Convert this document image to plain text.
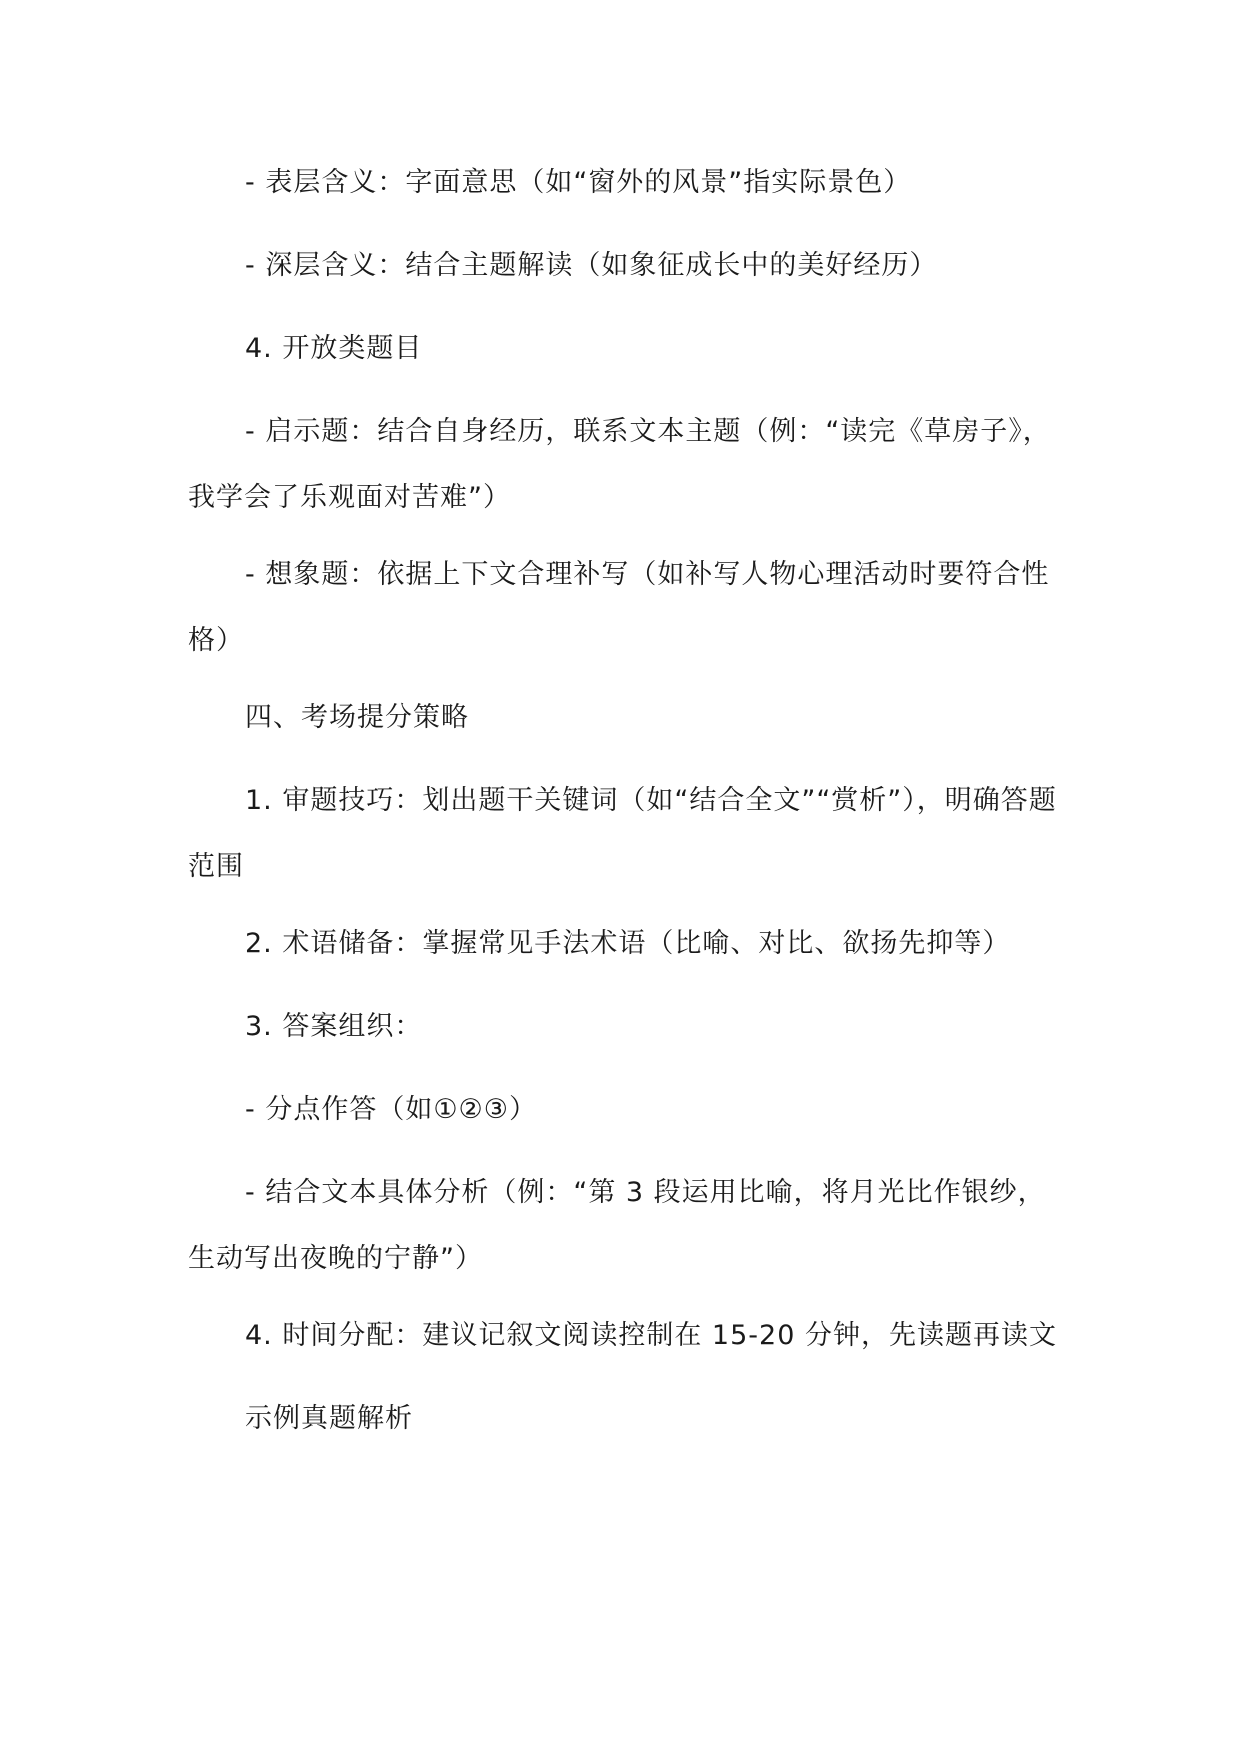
- 表层含义：字面意思（如“窗外的风景”指实际景色）

- 深层含义：结合主题解读（如象征成长中的美好经历）

4. 开放类题目

- 启示题：结合自身经历，联系文本主题（例：“读完《草房子》，我学会了乐观面对苦难”）

- 想象题：依据上下文合理补写（如补写人物心理活动时要符合性格）

四、考场提分策略

1. 审题技巧：划出题干关键词（如“结合全文”“赏析”），明确答题范围

2. 术语储备：掌握常见手法术语（比喻、对比、欲扬先抑等）

3. 答案组织：

- 分点作答（如①②③）

- 结合文本具体分析（例：“第 3 段运用比喻，将月光比作银纱，生动写出夜晚的宁静”）

4. 时间分配：建议记叙文阅读控制在 15-20 分钟，先读题再读文

示例真题解析
